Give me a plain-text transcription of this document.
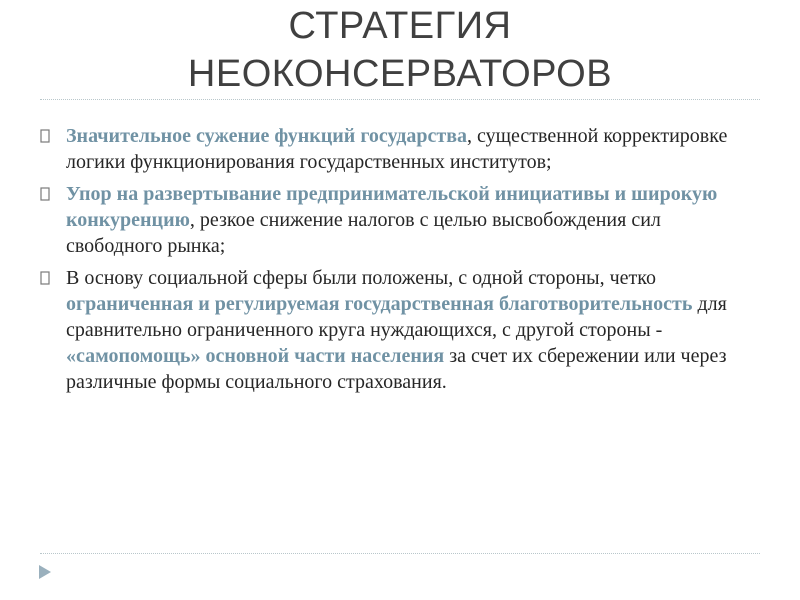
СТРАТЕГИЯ
НЕОКОНСЕРВАТОРОВ
Значительное сужение функций государства, существенной корректировке логики функционирования государственных институтов;
Упор на развертывание предпринимательской инициативы и широкую конкуренцию, резкое снижение налогов с целью высвобождения сил свободного рынка;
В основу социальной сферы были положены, с одной стороны, четко ограниченная и регулируемая государственная благотворительность для сравнительно ограниченного круга нуждающихся, с другой стороны - «самопомощь» основной части населения за счет их сбережении или через различные формы социального страхования.
